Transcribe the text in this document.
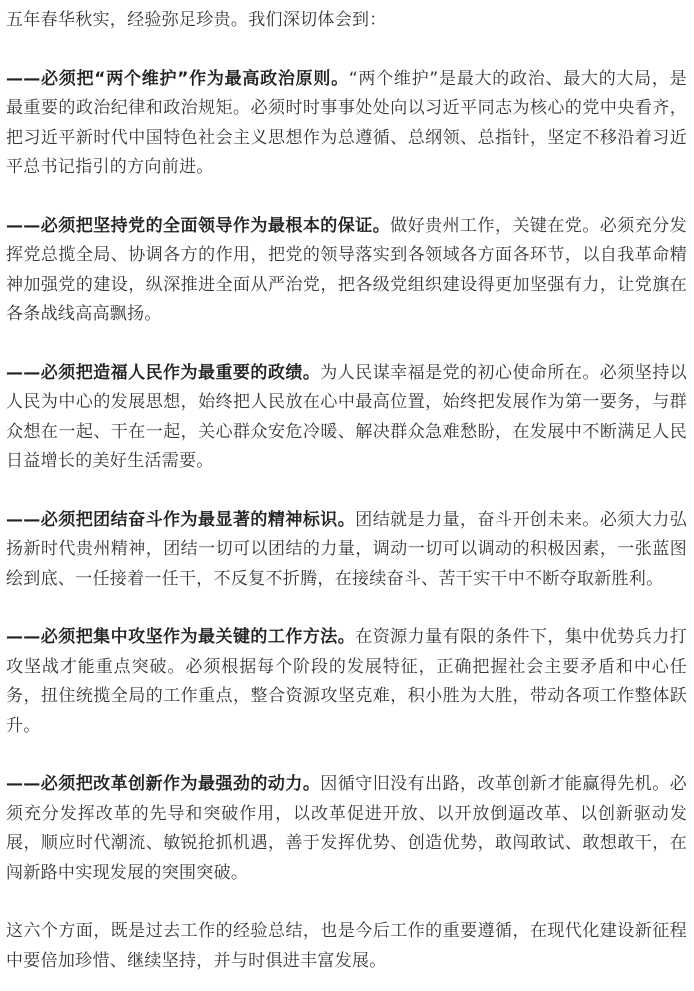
五年春华秋实，经验弥足珍贵。我们深切体会到：

——必须把“两个维护”作为最高政治原则。“两个维护”是最大的政治、最大的大局，是最重要的政治纪律和政治规矩。必须时时事事处处向以习近平同志为核心的党中央看齐，把习近平新时代中国特色社会主义思想作为总遵循、总纲领、总指针，坚定不移沿着习近平总书记指引的方向前进。

——必须把坚持党的全面领导作为最根本的保证。做好贵州工作，关键在党。必须充分发挥党总揽全局、协调各方的作用，把党的领导落实到各领域各方面各环节，以自我革命精神加强党的建设，纵深推进全面从严治党，把各级党组织建设得更加坚强有力，让党旗在各条战线高高飘扬。

——必须把造福人民作为最重要的政绩。为人民谋幸福是党的初心使命所在。必须坚持以人民为中心的发展思想，始终把人民放在心中最高位置，始终把发展作为第一要务，与群众想在一起、干在一起，关心群众安危冷暖、解决群众急难愁盼，在发展中不断满足人民日益增长的美好生活需要。

——必须把团结奋斗作为最显著的精神标识。团结就是力量，奋斗开创未来。必须大力弘扬新时代贵州精神，团结一切可以团结的力量，调动一切可以调动的积极因素，一张蓝图绘到底、一任接着一任干，不反复不折腾，在接续奋斗、苦干实干中不断夺取新胜利。

——必须把集中攻坚作为最关键的工作方法。在资源力量有限的条件下，集中优势兵力打攻坚战才能重点突破。必须根据每个阶段的发展特征，正确把握社会主要矛盾和中心任务，扭住统揽全局的工作重点，整合资源攻坚克难，积小胜为大胜，带动各项工作整体跃升。

——必须把改革创新作为最强劲的动力。因循守旧没有出路，改革创新才能赢得先机。必须充分发挥改革的先导和突破作用，以改革促进开放、以开放倒逼改革、以创新驱动发展，顺应时代潮流、敏锐抢抓机遇，善于发挥优势、创造优势，敢闯敢试、敢想敢干，在闯新路中实现发展的突围突破。

这六个方面，既是过去工作的经验总结，也是今后工作的重要遵循，在现代化建设新征程中要倍加珍惜、继续坚持，并与时俱进丰富发展。
